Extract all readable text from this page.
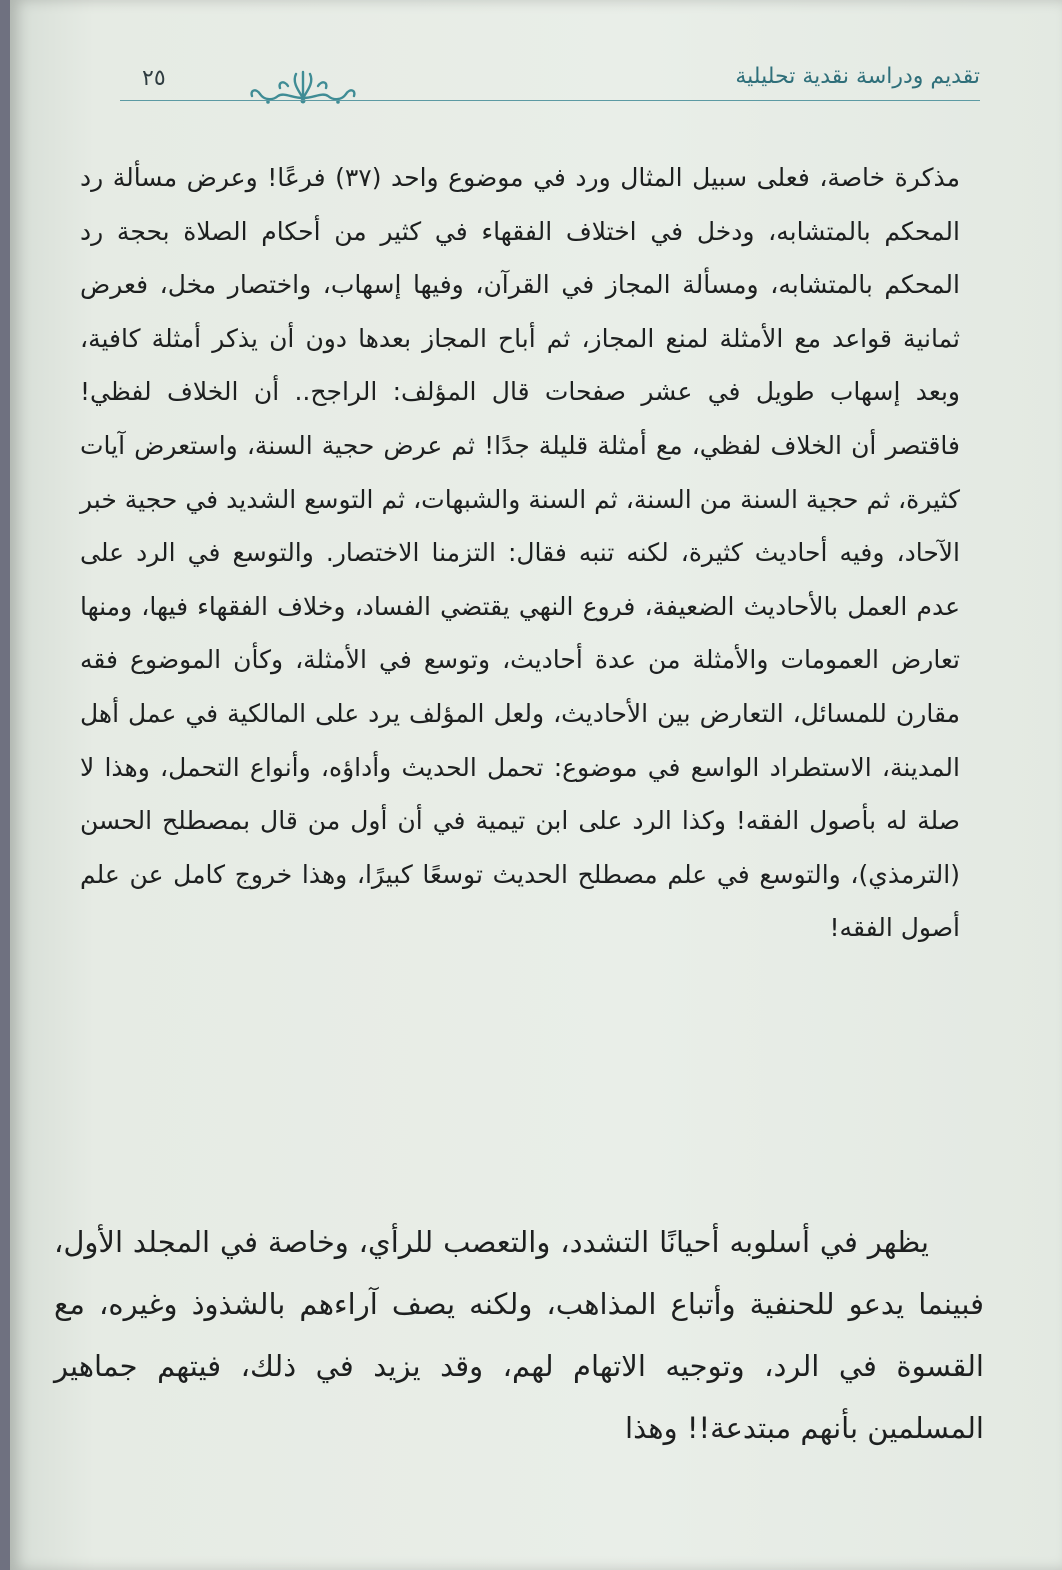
٢٥	تقديم ودراسة نقدية تحليلية

مذكرة خاصة، فعلى سبيل المثال ورد في موضوع واحد (٣٧) فرعًا! وعرض مسألة رد المحكم بالمتشابه، ودخل في اختلاف الفقهاء في كثير من أحكام الصلاة بحجة رد المحكم بالمتشابه، ومسألة المجاز في القرآن، وفيها إسهاب، واختصار مخل، فعرض ثمانية قواعد مع الأمثلة لمنع المجاز، ثم أباح المجاز بعدها دون أن يذكر أمثلة كافية، وبعد إسهاب طويل في عشر صفحات قال المؤلف: الراجح.. أن الخلاف لفظي! فاقتصر أن الخلاف لفظي، مع أمثلة قليلة جدًا! ثم عرض حجية السنة، واستعرض آيات كثيرة، ثم حجية السنة من السنة، ثم السنة والشبهات، ثم التوسع الشديد في حجية خبر الآحاد، وفيه أحاديث كثيرة، لكنه تنبه فقال: التزمنا الاختصار. والتوسع في الرد على عدم العمل بالأحاديث الضعيفة، فروع النهي يقتضي الفساد، وخلاف الفقهاء فيها، ومنها تعارض العمومات والأمثلة من عدة أحاديث، وتوسع في الأمثلة، وكأن الموضوع فقه مقارن للمسائل، التعارض بين الأحاديث، ولعل المؤلف يرد على المالكية في عمل أهل المدينة، الاستطراد الواسع في موضوع: تحمل الحديث وأداؤه، وأنواع التحمل، وهذا لا صلة له بأصول الفقه! وكذا الرد على ابن تيمية في أن أول من قال بمصطلح الحسن (الترمذي)، والتوسع في علم مصطلح الحديث توسعًا كبيرًا، وهذا خروج كامل عن علم أصول الفقه!

يظهر في أسلوبه أحيانًا التشدد، والتعصب للرأي، وخاصة في المجلد الأول، فبينما يدعو للحنفية وأتباع المذاهب، ولكنه يصف آراءهم بالشذوذ وغيره، مع القسوة في الرد، وتوجيه الاتهام لهم، وقد يزيد في ذلك، فيتهم جماهير المسلمين بأنهم مبتدعة!! وهذا
